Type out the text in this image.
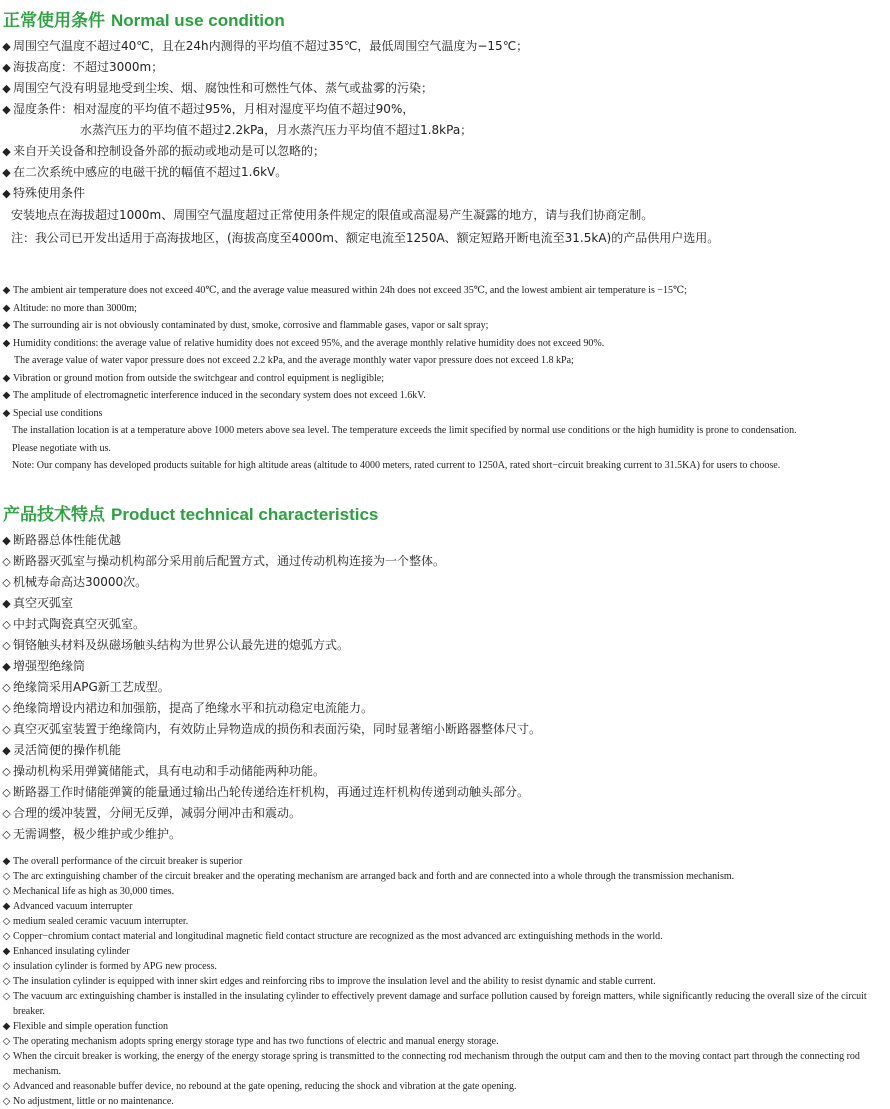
正常使用条件 Normal use condition
◆ 周围空气温度不超过40℃，且在24h内测得的平均值不超过35℃，最低周围空气温度为−15℃；
◆ 海拔高度：不超过3000m；
◆ 周围空气没有明显地受到尘埃、烟、腐蚀性和可燃性气体、蒸气或盐雾的污染；
◆ 湿度条件：相对湿度的平均值不超过95%，月相对湿度平均值不超过90%，
水蒸汽压力的平均值不超过2.2kPa，月水蒸汽压力平均值不超过1.8kPa；
◆ 来自开关设备和控制设备外部的振动或地动是可以忽略的；
◆ 在二次系统中感应的电磁干扰的幅值不超过1.6kV。
◆ 特殊使用条件
安装地点在海拔超过1000m、周围空气温度超过正常使用条件规定的限值或高湿易产生凝露的地方，请与我们协商定制。
注：我公司已开发出适用于高海拔地区，(海拔高度至4000m、额定电流至1250A、额定短路开断电流至31.5kA)的产品供用户选用。
◆ The ambient air temperature does not exceed 40℃, and the average value measured within 24h does not exceed 35℃, and the lowest ambient air temperature is −15℃;
◆ Altitude: no more than 3000m;
◆ The surrounding air is not obviously contaminated by dust, smoke, corrosive and flammable gases, vapor or salt spray;
◆ Humidity conditions: the average value of relative humidity does not exceed 95%, and the average monthly relative humidity does not exceed 90%.
The average value of water vapor pressure does not exceed 2.2 kPa, and the average monthly water vapor pressure does not exceed 1.8 kPa;
◆ Vibration or ground motion from outside the switchgear and control equipment is negligible;
◆ The amplitude of electromagnetic interference induced in the secondary system does not exceed 1.6kV.
◆ Special use conditions
The installation location is at a temperature above 1000 meters above sea level. The temperature exceeds the limit specified by normal use conditions or the high humidity is prone to condensation.
Please negotiate with us.
Note: Our company has developed products suitable for high altitude areas (altitude to 4000 meters, rated current to 1250A, rated short−circuit breaking current to 31.5KA) for users to choose.
产品技术特点 Product technical characteristics
◆ 断路器总体性能优越
◇ 断路器灭弧室与操动机构部分采用前后配置方式，通过传动机构连接为一个整体。
◇ 机械寿命高达30000次。
◆ 真空灭弧室
◇ 中封式陶瓷真空灭弧室。
◇ 铜铬触头材料及纵磁场触头结构为世界公认最先进的熄弧方式。
◆ 增强型绝缘筒
◇ 绝缘筒采用APG新工艺成型。
◇ 绝缘筒增设内裙边和加强筋，提高了绝缘水平和抗动稳定电流能力。
◇ 真空灭弧室装置于绝缘筒内，有效防止异物造成的损伤和表面污染，同时显著缩小断路器整体尺寸。
◆ 灵活简便的操作机能
◇ 操动机构采用弹簧储能式，具有电动和手动储能两种功能。
◇ 断路器工作时储能弹簧的能量通过输出凸轮传递给连杆机构，再通过连杆机构传递到动触头部分。
◇ 合理的缓冲装置，分闸无反弹，减弱分闸冲击和震动。
◇ 无需调整，极少维护或少维护。
◆ The overall performance of the circuit breaker is superior
◇ The arc extinguishing chamber of the circuit breaker and the operating mechanism are arranged back and forth and are connected into a whole through the transmission mechanism.
◇ Mechanical life as high as 30,000 times.
◆ Advanced vacuum interrupter
◇ medium sealed ceramic vacuum interrupter.
◇ Copper−chromium contact material and longitudinal magnetic field contact structure are recognized as the most advanced arc extinguishing methods in the world.
◆ Enhanced insulating cylinder
◇ insulation cylinder is formed by APG new process.
◇ The insulation cylinder is equipped with inner skirt edges and reinforcing ribs to improve the insulation level and the ability to resist dynamic and stable current.
◇ The vacuum arc extinguishing chamber is installed in the insulating cylinder to effectively prevent damage and surface pollution caused by foreign matters, while significantly reducing the overall size of the circuit breaker.
◆ Flexible and simple operation function
◇ The operating mechanism adopts spring energy storage type and has two functions of electric and manual energy storage.
◇ When the circuit breaker is working, the energy of the energy storage spring is transmitted to the connecting rod mechanism through the output cam and then to the moving contact part through the connecting rod mechanism.
◇ Advanced and reasonable buffer device, no rebound at the gate opening, reducing the shock and vibration at the gate opening.
◇ No adjustment, little or no maintenance.
